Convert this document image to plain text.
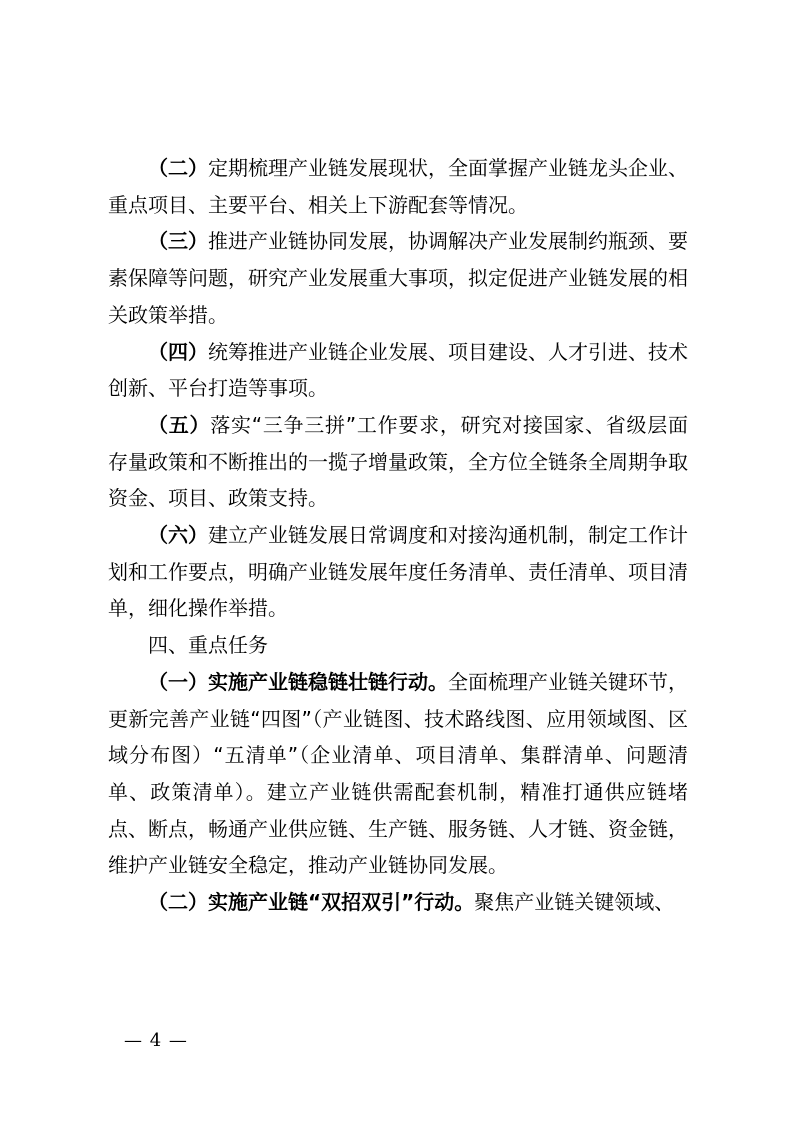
（二）定期梳理产业链发展现状，全面掌握产业链龙头企业、重点项目、主要平台、相关上下游配套等情况。

（三）推进产业链协同发展，协调解决产业发展制约瓶颈、要素保障等问题，研究产业发展重大事项，拟定促进产业链发展的相关政策举措。

（四）统筹推进产业链企业发展、项目建设、人才引进、技术创新、平台打造等事项。

（五）落实“三争三拼”工作要求，研究对接国家、省级层面存量政策和不断推出的一揽子增量政策，全方位全链条全周期争取资金、项目、政策支持。

（六）建立产业链发展日常调度和对接沟通机制，制定工作计划和工作要点，明确产业链发展年度任务清单、责任清单、项目清单，细化操作举措。

四、重点任务

（一）实施产业链稳链壮链行动。全面梳理产业链关键环节，更新完善产业链“四图”（产业链图、技术路线图、应用领域图、区域分布图）“五清单”（企业清单、项目清单、集群清单、问题清单、政策清单）。建立产业链供需配套机制，精准打通供应链堵点、断点，畅通产业供应链、生产链、服务链、人才链、资金链，维护产业链安全稳定，推动产业链协同发展。

（二）实施产业链“双招双引”行动。聚焦产业链关键领域、

— 4 —
